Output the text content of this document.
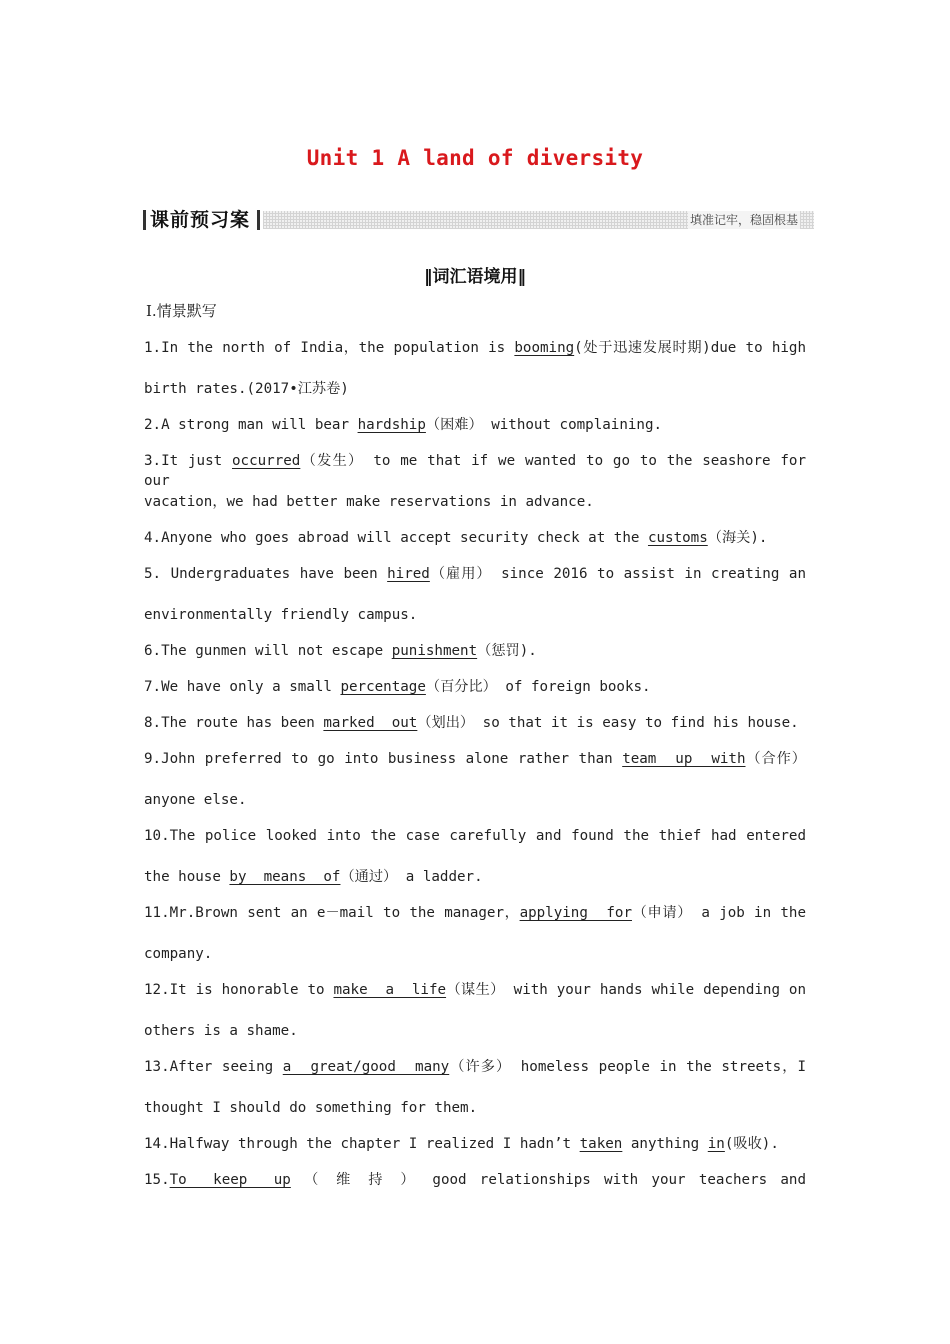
Unit 1 A land of diversity
课前预习案	填准记牢，稳固根基
‖词汇语境用‖
Ⅰ.情景默写
1.In the north of India，the population is booming(处于迅速发展时期)due to high
birth rates.(2017•江苏卷)
2.A strong man will bear hardship（困难） without complaining.
3.It just occurred（发生） to me that if we wanted to go to the seashore for our
vacation，we had better make reservations in advance.
4.Anyone who goes abroad will accept security check at the customs（海关).
5. Undergraduates have been hired（雇用） since 2016 to assist in creating an
environmentally friendly campus.
6.The gunmen will not escape punishment（惩罚).
7.We have only a small percentage（百分比） of foreign books.
8.The route has been marked  out（划出） so that it is easy to find his house.
9.John preferred to go into business alone rather than team  up  with（合作）
anyone else.
10.The police looked into the case carefully and found the thief had entered
the house by  means  of（通过） a ladder.
11.Mr.Brown sent an e－mail to the manager，applying  for（申请） a job in the
company.
12.It is honorable to make  a  life（谋生） with your hands while depending on
others is a shame.
13.After seeing a  great/good  many（许多） homeless people in the streets，I
thought I should do something for them.
14.Halfway through the chapter I realized I hadn’t taken anything in(吸收).
15.To  keep  up （ 维 持 ） good relationships with your teachers and
